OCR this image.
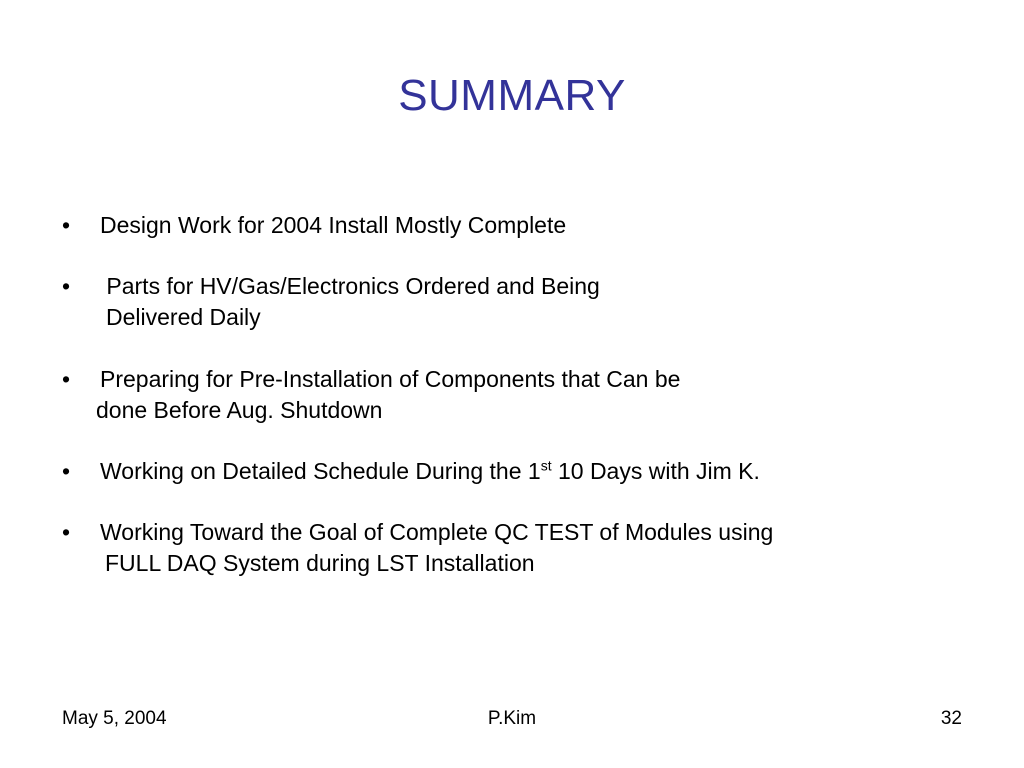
SUMMARY
• Design Work for 2004 Install Mostly Complete
• Parts for HV/Gas/Electronics Ordered and Being
Delivered Daily
• Preparing for Pre-Installation of Components that Can be
done Before Aug. Shutdown
• Working on Detailed Schedule During the 1st 10 Days with Jim K.
• Working Toward the Goal of Complete QC TEST of Modules using
FULL DAQ System during LST Installation
May 5, 2004	P.Kim	32
